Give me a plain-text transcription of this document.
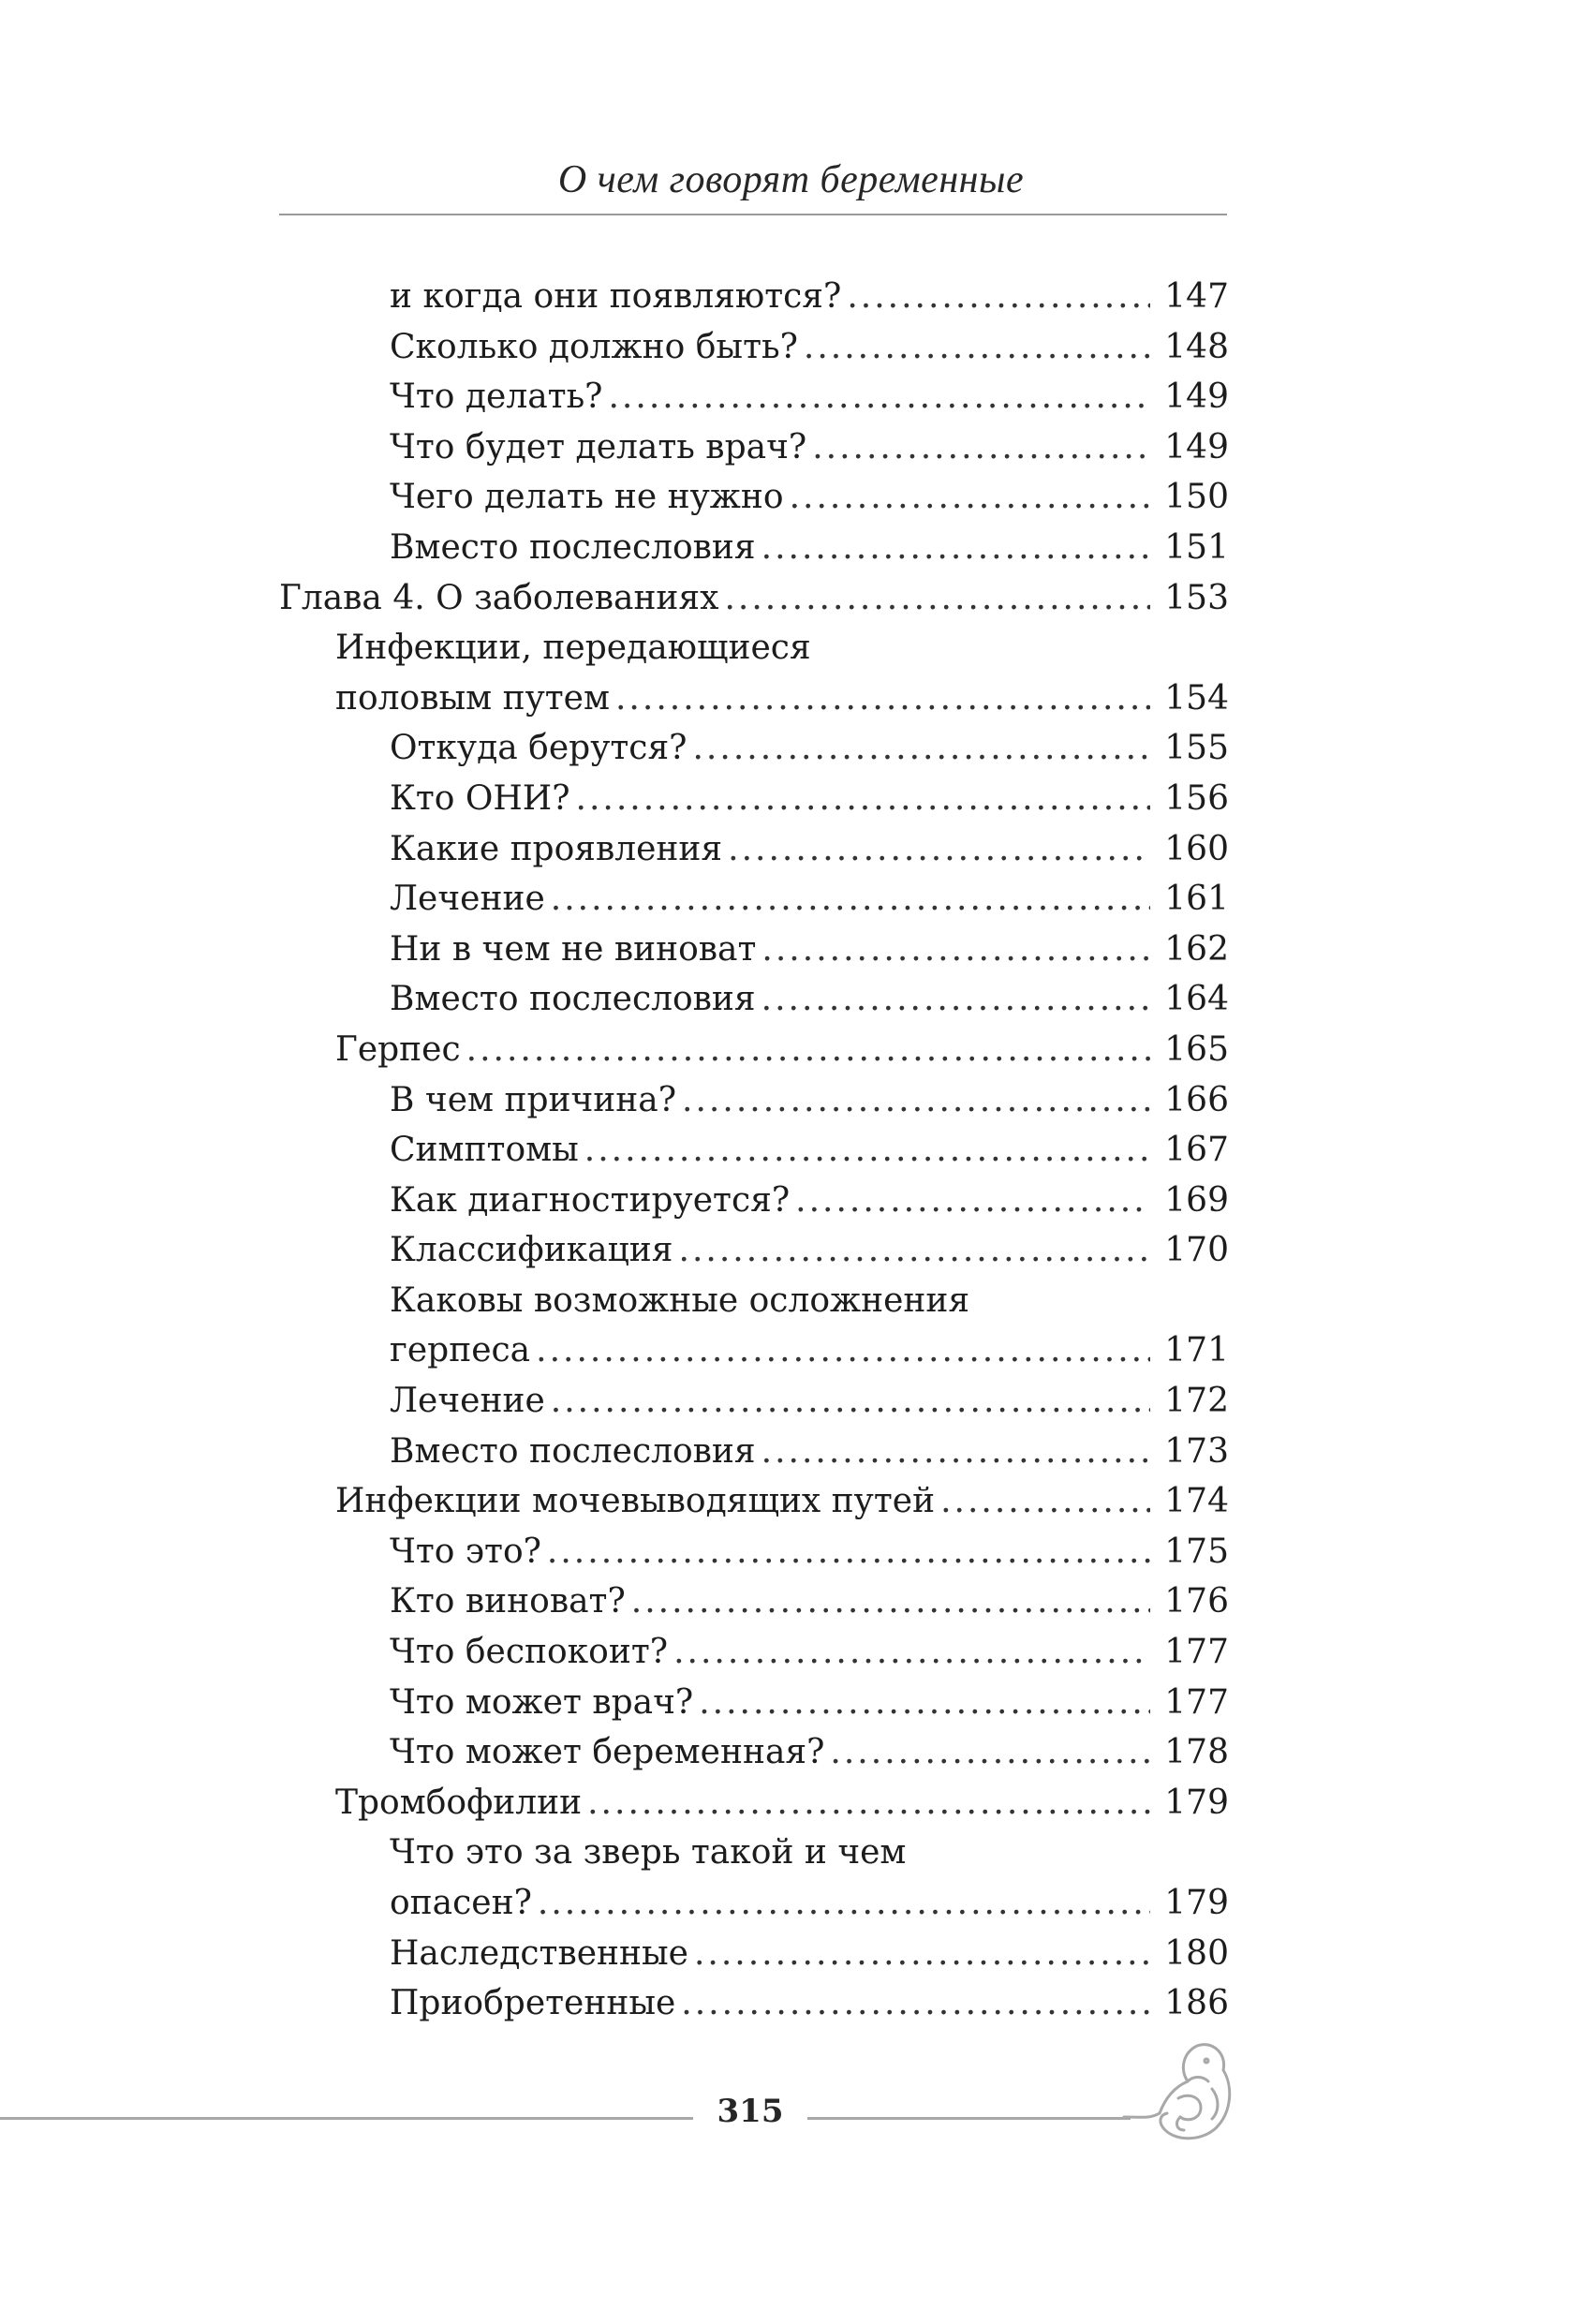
О чем говорят беременные
и когда они появляются? .....	147
Сколько должно быть? .....	148
Что делать? .....	149
Что будет делать врач? .....	149
Чего делать не нужно .....	150
Вместо послесловия .....	151
Глава 4. О заболеваниях .....	153
Инфекции, передающиеся
половым путем .....	154
Откуда берутся? .....	155
Кто ОНИ? .....	156
Какие проявления .....	160
Лечение .....	161
Ни в чем не виноват .....	162
Вместо послесловия .....	164
Герпес .....	165
В чем причина? .....	166
Симптомы .....	167
Как диагностируется? .....	169
Классификация .....	170
Каковы возможные осложнения
герпеса .....	171
Лечение .....	172
Вместо послесловия .....	173
Инфекции мочевыводящих путей .....	174
Что это? .....	175
Кто виноват? .....	176
Что беспокоит? .....	177
Что может врач? .....	177
Что может беременная? .....	178
Тромбофилии .....	179
Что это за зверь такой и чем
опасен? .....	179
Наследственные .....	180
Приобретенные .....	186
315
